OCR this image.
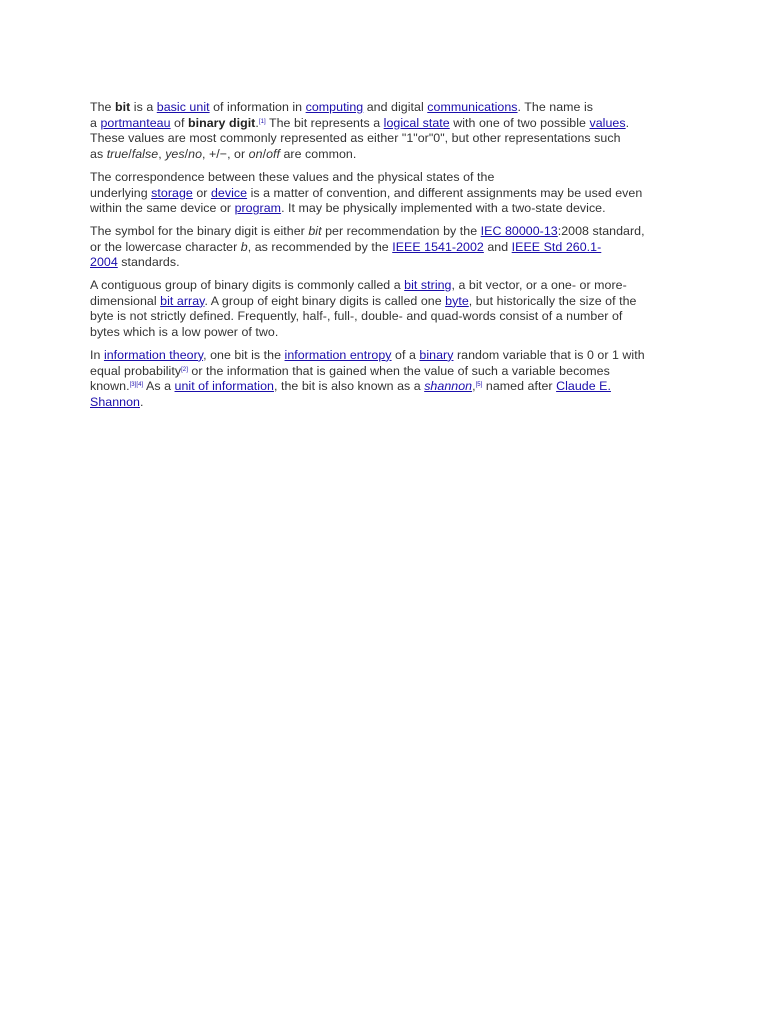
The bit is a basic unit of information in computing and digital communications. The name is
a portmanteau of binary digit.[1] The bit represents a logical state with one of two possible values.
These values are most commonly represented as either "1"or"0", but other representations such
as true/false, yes/no, +/−, or on/off are common.

The correspondence between these values and the physical states of the
underlying storage or device is a matter of convention, and different assignments may be used even
within the same device or program. It may be physically implemented with a two-state device.

The symbol for the binary digit is either bit per recommendation by the IEC 80000-13:2008 standard,
or the lowercase character b, as recommended by the IEEE 1541-2002 and IEEE Std 260.1-
2004 standards.

A contiguous group of binary digits is commonly called a bit string, a bit vector, or a one- or more-
dimensional bit array. A group of eight binary digits is called one byte, but historically the size of the
byte is not strictly defined. Frequently, half-, full-, double- and quad-words consist of a number of
bytes which is a low power of two.

In information theory, one bit is the information entropy of a binary random variable that is 0 or 1 with
equal probability[2] or the information that is gained when the value of such a variable becomes
known.[3][4] As a unit of information, the bit is also known as a shannon,[5] named after Claude E.
Shannon.
